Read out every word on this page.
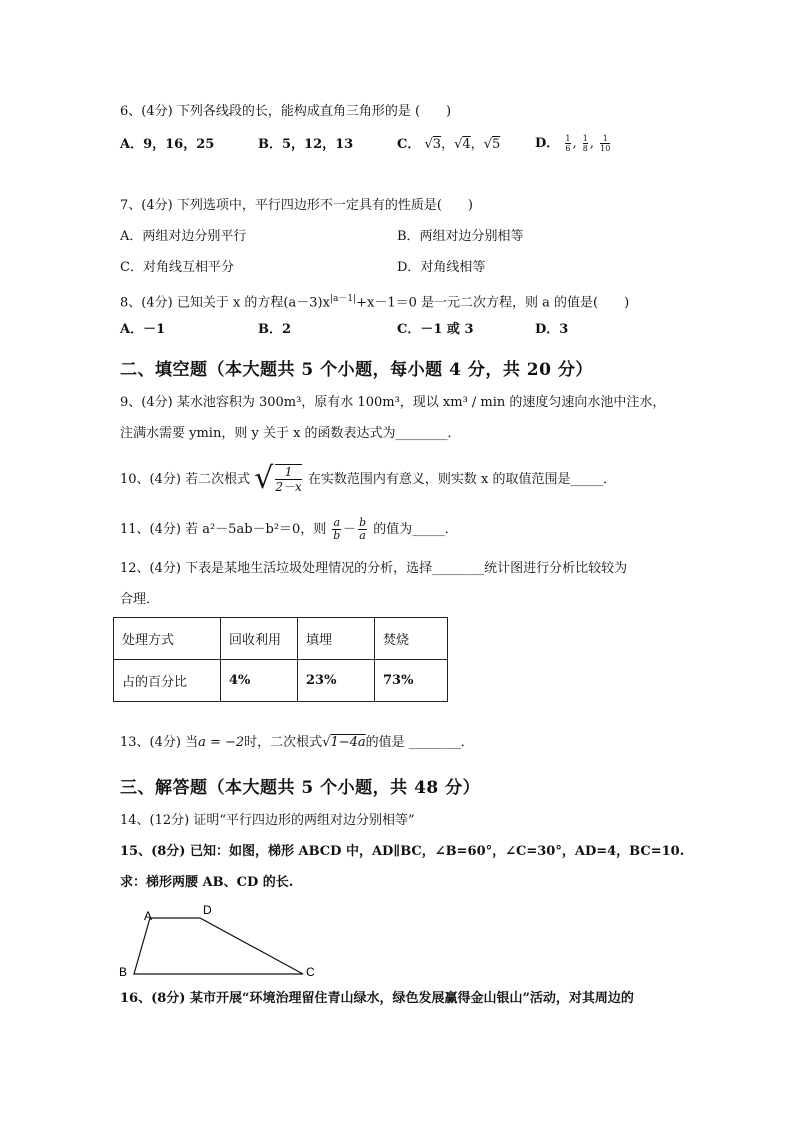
6、(4分) 下列各线段的长，能构成直角三角形的是 (　　)
A．9，16，25	B．5，12，13	C． √3，√4，√5	D． $\frac{1}{6}$ , $\frac{1}{8}$ , $\frac{1}{10}$
7、(4分) 下列选项中，平行四边形不一定具有的性质是(　　)
A．两组对边分别平行	B．两组对边分别相等
C．对角线互相平分	D．对角线相等
8、(4分) 已知关于 x 的方程$(a-3)x^{|a-1|}+x-1=0$ 是一元二次方程，则 a 的值是(　　)
A．－1	B．2	C．－1 或 3	D．3
二、填空题（本大题共 5 个小题，每小题 4 分，共 20 分）
9、(4分) 某水池容积为 300m³，原有水 100m³，现以 xm³ / min 的速度匀速向水池中注水，
注满水需要 ymin，则 y 关于 x 的函数表达式为________．
10、(4分) 若二次根式 √ $\frac{1}{2-x}$ 在实数范围内有意义，则实数 x 的取值范围是_____．
11、(4分) 若 a²－5ab－b²＝0，则 $\frac{a}{b} - \frac{b}{a}$ 的值为_____．
12、(4分) 下表是某地生活垃圾处理情况的分析，选择________统计图进行分析比较较为
合理．
处理方式	回收利用	填埋	焚烧
占的百分比	4%	23%	73%
13、(4分) 当a = −2时，二次根式√1−4a的值是 ________．
三、解答题（本大题共 5 个小题，共 48 分）
14、(12分) 证明“平行四边形的两组对边分别相等”
15、(8分) 已知：如图，梯形 ABCD 中，AD∥BC，∠B=60°，∠C=30°，AD=4，BC=10.
求：梯形两腰 AB、CD 的长.
A	D
B	C
16、(8分) 某市开展“环境治理留住青山绿水，绿色发展赢得金山银山”活动，对其周边的
